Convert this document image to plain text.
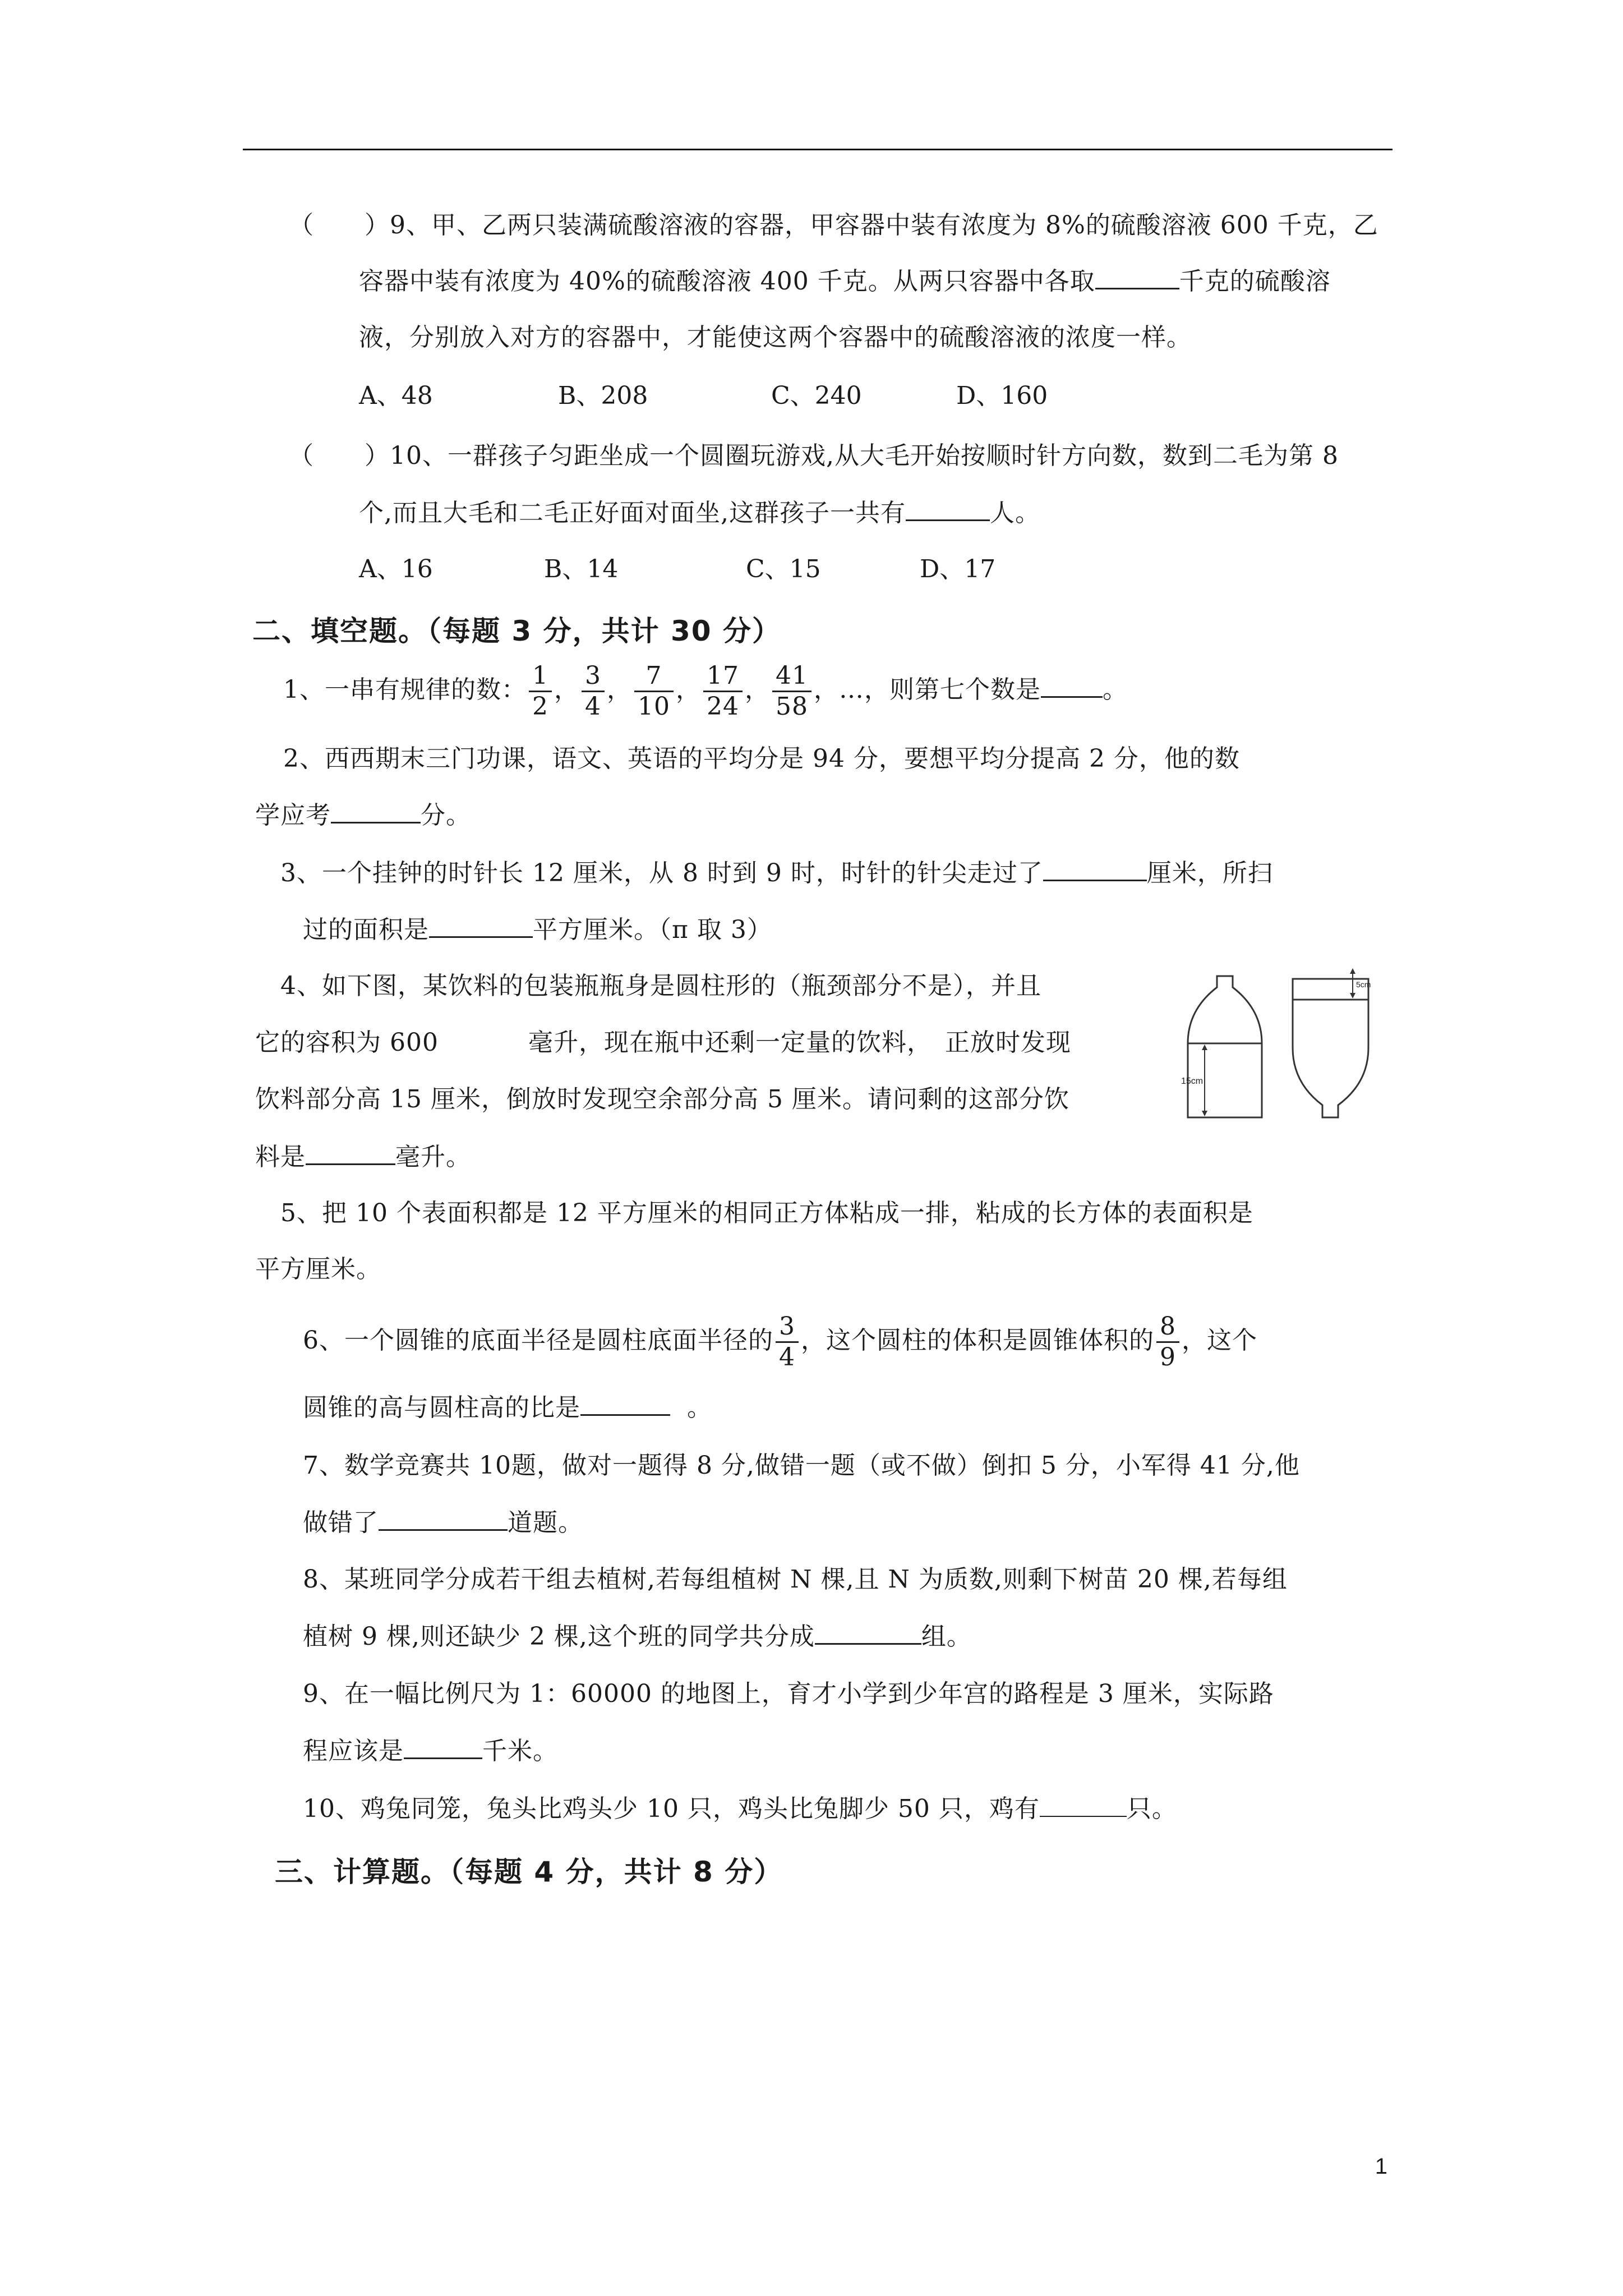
（　　）9、甲、乙两只装满硫酸溶液的容器，甲容器中装有浓度为 8%的硫酸溶液 600 千克，乙
容器中装有浓度为 40%的硫酸溶液 400 千克。从两只容器中各取	千克的硫酸溶
液，分别放入对方的容器中，才能使这两个容器中的硫酸溶液的浓度一样。
A、48	B、208	C、240	D、160
（　　）10、一群孩子匀距坐成一个圆圈玩游戏,从大毛开始按顺时针方向数，数到二毛为第 8
个,而且大毛和二毛正好面对面坐,这群孩子一共有	人。
A、16	B、14	C、15	D、17
二、填空题。（每题 3 分，共计 30 分）
1、一串有规律的数： $\frac{1}{2}$ ， $\frac{3}{4}$ ， $\frac{7}{10}$ ， $\frac{17}{24}$ ， $\frac{41}{58}$ ，…，则第七个数是	。
2、西西期末三门功课，语文、英语的平均分是 94 分，要想平均分提高 2 分，他的数
学应考	分。
3、一个挂钟的时针长 12 厘米，从 8 时到 9 时，时针的针尖走过了	厘米，所扫
过的面积是	平方厘米。（π 取 3）
4、如下图，某饮料的包装瓶瓶身是圆柱形的（瓶颈部分不是），并且
它的容积为 600	毫升，现在瓶中还剩一定量的饮料，　正放时发现
饮料部分高 15 厘米，倒放时发现空余部分高 5 厘米。请问剩的这部分饮
料是	毫升。
15cm
5cm
5、把 10 个表面积都是 12 平方厘米的相同正方体粘成一排，粘成的长方体的表面积是
平方厘米。
6、一个圆锥的底面半径是圆柱底面半径的 $\frac{3}{4}$ ，这个圆柱的体积是圆锥体积的 $\frac{8}{9}$ ，这个
圆锥的高与圆柱高的比是	。
7、数学竞赛共 10题，做对一题得 8 分,做错一题（或不做）倒扣 5 分，小军得 41 分,他
做错了	道题。
8、某班同学分成若干组去植树,若每组植树 N 棵,且 N 为质数,则剩下树苗 20 棵,若每组
植树 9 棵,则还缺少 2 棵,这个班的同学共分成	组。
9、在一幅比例尺为 1：60000 的地图上，育才小学到少年宫的路程是 3 厘米，实际路
程应该是	千米。
10、鸡兔同笼，兔头比鸡头少 10 只，鸡头比兔脚少 50 只，鸡有	只。
三、计算题。（每题 4 分，共计 8 分）
1
